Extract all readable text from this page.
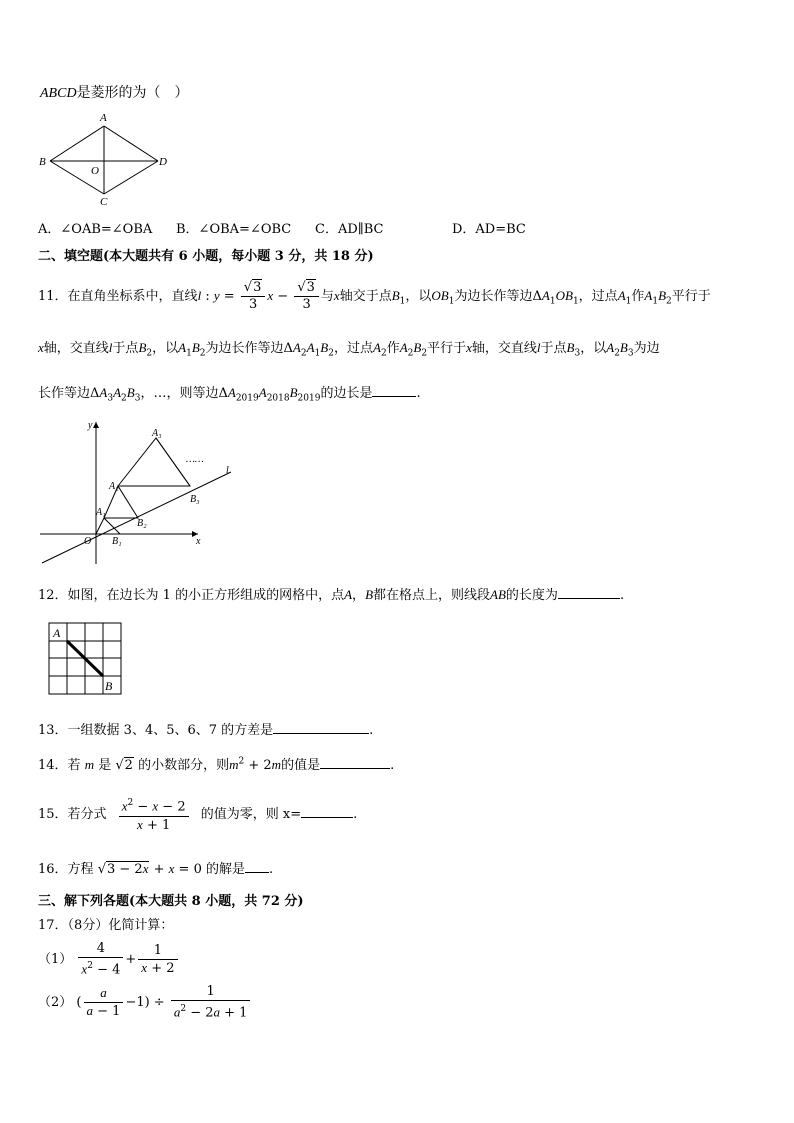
ABCD是菱形的为（　）
A
B
C
D
O
A．∠OAB=∠OBA B．∠OBA=∠OBC C．AD∥BC	D．AD=BC
二、填空题(本大题共有 6 小题，每小题 3 分，共 18 分)
11．在直角坐标系中，直线l : $y = \frac{√3}{3}$ $x - \frac{√3}{3}$ 与x轴交于点$B_1$，以$OB_1$为边长作等边$\Delta A_1OB_1$，过点$A_1$作$A_1B_2$平行于
x轴，交直线l于点$B_2$，以$A_1B_2$为边长作等边$\Delta A_2A_1B_2$，过点$A_2$作$A_2B_2$平行于x轴，交直线l于点$B_3$，以$A_2B_3$为边
长作等边$\Delta A_3A_2B_3$，…，则等边$\Delta A_{2019}A_{2018}B_{2019}$的边长是	.
y
x
O
l
A₁
A₂
A₃
B₁
B₂
B₃
……
12．如图，在边长为 1 的小正方形组成的网格中，点A，B都在格点上，则线段AB的长度为	.
A
B
13．一组数据 3、4、5、6、7 的方差是	.
14．若 m 是 √2 的小数部分，则$m^2 + 2m$的值是	.
15．若分式 $\frac{x^2 - x - 2}{x + 1}$ 的值为零，则 x=	.
16．方程 √3 − 2x + x = 0 的解是 .
三、解下列各题(本大题共 8 小题，共 72 分)
17．（8分）化简计算：
$(1) \frac{4}{x^2 - 4} + \frac{1}{x + 2}$
（2） ( $\frac{a}{a - 1} -1) \div \frac{1}{a^2 - 2a + 1}$
